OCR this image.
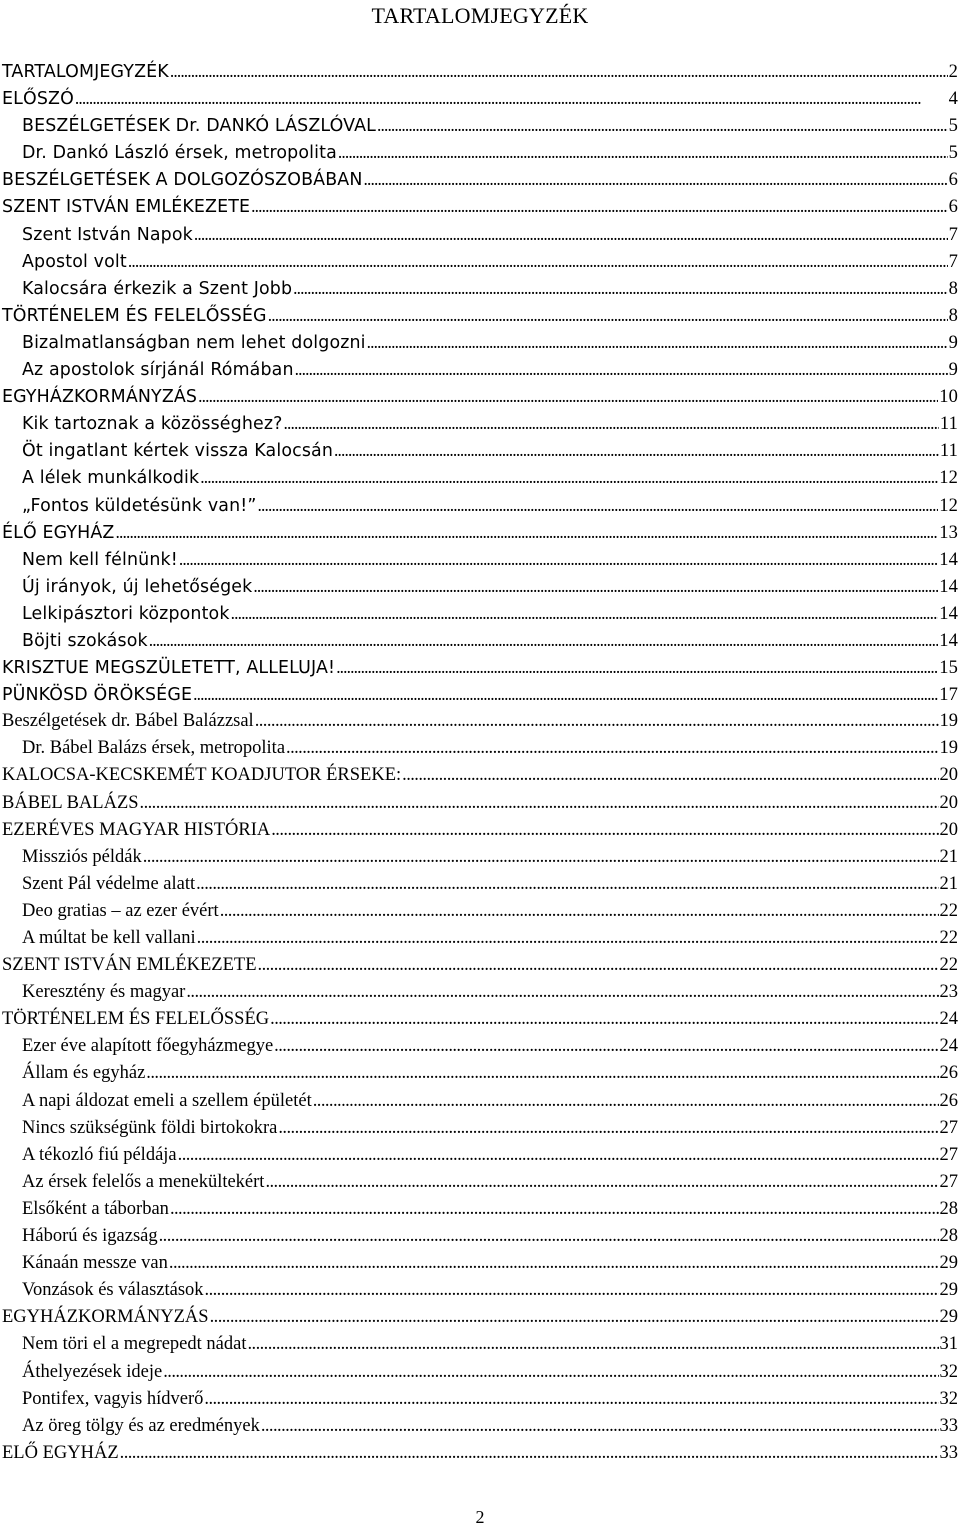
TARTALOMJEGYZÉK
TARTALOMJEGYZÉK . . .	2
ELŐSZÓ . . .	4
BESZÉLGETÉSEK Dr. DANKÓ LÁSZLÓVAL . . .	5
Dr. Dankó László érsek, metropolita . . .	5
BESZÉLGETÉSEK A DOLGOZÓSZOBÁBAN . . .	6
SZENT ISTVÁN EMLÉKEZETE . . .	6
Szent István Napok . . .	7
Apostol volt . . .	7
Kalocsára érkezik a Szent Jobb . . .	8
TÖRTÉNELEM ÉS FELELŐSSÉG . . .	8
Bizalmatlanságban nem lehet dolgozni . . .	9
Az apostolok sírjánál Rómában . . .	9
EGYHÁZKORMÁNYZÁS . . .	10
Kik tartoznak a közösséghez? . . .	11
Öt ingatlant kértek vissza Kalocsán . . .	11
A lélek munkálkodik . . .	12
„Fontos küldetésünk van!” . . .	12
ÉLŐ EGYHÁZ . . .	13
Nem kell félnünk! . . .	14
Új irányok, új lehetőségek . . .	14
Lelkipásztori központok . . .	14
Böjti szokások . . .	14
KRISZTUE MEGSZÜLETETT, ALLELUJA! . . .	15
PÜNKÖSD ÖRÖKSÉGE . . .	17
Beszélgetések dr. Bábel Balázzsal . . .	19
Dr. Bábel Balázs érsek, metropolita . . .	19
KALOCSA-KECSKEMÉT KOADJUTOR ÉRSEKE: . . .	20
BÁBEL BALÁZS . . .	20
EZERÉVES MAGYAR HISTÓRIA . . .	20
Missziós példák . . .	21
Szent Pál védelme alatt . . .	21
Deo gratias – az ezer évért . . .	22
A múltat be kell vallani . . .	22
SZENT ISTVÁN EMLÉKEZETE . . .	22
Keresztény és magyar . . .	23
TÖRTÉNELEM ÉS FELELŐSSÉG . . .	24
Ezer éve alapított főegyházmegye . . .	24
Állam és egyház . . .	26
A napi áldozat emeli a szellem épületét . . .	26
Nincs szükségünk földi birtokokra . . .	27
A tékozló fiú példája . . .	27
Az érsek felelős a menekültekért . . .	27
Elsőként a táborban . . .	28
Háború és igazság . . .	28
Kánaán messze van . . .	29
Vonzások és választások . . .	29
EGYHÁZKORMÁNYZÁS . . .	29
Nem töri el a megrepedt nádat . . .	31
Áthelyezések ideje . . .	32
Pontifex, vagyis hídverő . . .	32
Az öreg tölgy és az eredmények . . .	33
ELŐ EGYHÁZ . . .	33
2
